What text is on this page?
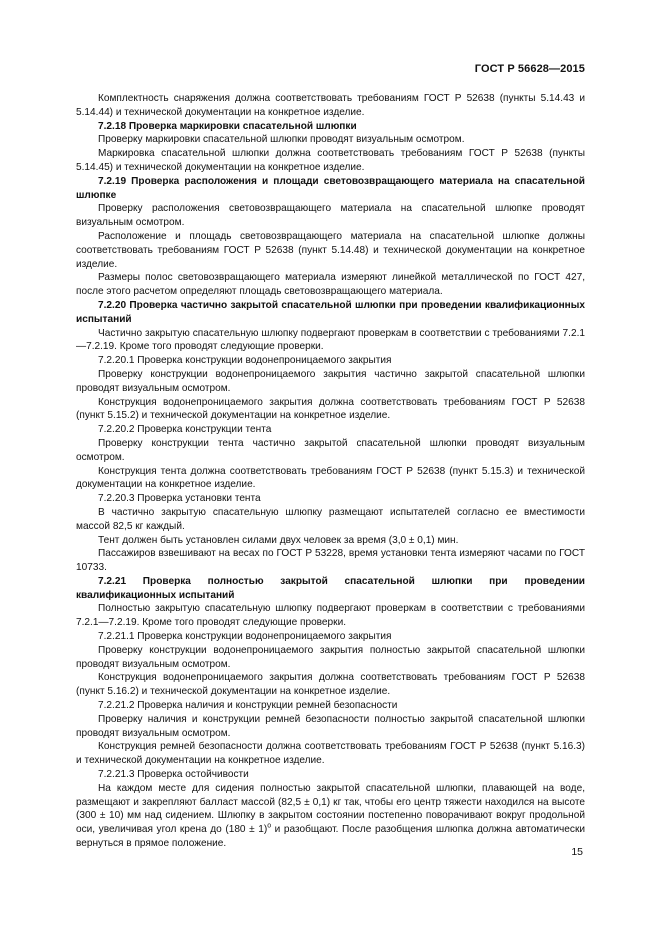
ГОСТ Р 56628—2015

Комплектность снаряжения должна соответствовать требованиям ГОСТ Р 52638 (пункты 5.14.43 и 5.14.44) и технической документации на конкретное изделие.

7.2.18 Проверка маркировки спасательной шлюпки

Проверку маркировки спасательной шлюпки проводят визуальным осмотром.

Маркировка спасательной шлюпки должна соответствовать требованиям ГОСТ Р 52638 (пункты 5.14.45) и технической документации на конкретное изделие.

7.2.19 Проверка расположения и площади световозвращающего материала на спасательной шлюпке

Проверку расположения световозвращающего материала на спасательной шлюпке проводят визуальным осмотром.

Расположение и площадь световозвращающего материала на спасательной шлюпке должны соответствовать требованиям ГОСТ Р 52638 (пункт 5.14.48) и технической документации на конкретное изделие.

Размеры полос световозвращающего материала измеряют линейкой металлической по ГОСТ 427, после этого расчетом определяют площадь световозвращающего материала.

7.2.20 Проверка частично закрытой спасательной шлюпки при проведении квалификационных испытаний

Частично закрытую спасательную шлюпку подвергают проверкам в соответствии с требованиями 7.2.1—7.2.19. Кроме того проводят следующие проверки.

7.2.20.1 Проверка конструкции водонепроницаемого закрытия

Проверку конструкции водонепроницаемого закрытия частично закрытой спасательной шлюпки проводят визуальным осмотром.

Конструкция водонепроницаемого закрытия должна соответствовать требованиям ГОСТ Р 52638 (пункт 5.15.2) и технической документации на конкретное изделие.

7.2.20.2 Проверка конструкции тента

Проверку конструкции тента частично закрытой спасательной шлюпки проводят визуальным осмотром.

Конструкция тента должна соответствовать требованиям ГОСТ Р 52638 (пункт 5.15.3) и технической документации на конкретное изделие.

7.2.20.3 Проверка установки тента

В частично закрытую спасательную шлюпку размещают испытателей согласно ее вместимости массой 82,5 кг каждый.

Тент должен быть установлен силами двух человек за время (3,0 ± 0,1) мин.

Пассажиров взвешивают на весах по ГОСТ Р 53228, время установки тента измеряют часами по ГОСТ 10733.

7.2.21 Проверка полностью закрытой спасательной шлюпки при проведении квалификационных испытаний

Полностью закрытую спасательную шлюпку подвергают проверкам в соответствии с требованиями 7.2.1—7.2.19. Кроме того проводят следующие проверки.

7.2.21.1 Проверка конструкции водонепроницаемого закрытия

Проверку конструкции водонепроницаемого закрытия полностью закрытой спасательной шлюпки проводят визуальным осмотром.

Конструкция водонепроницаемого закрытия должна соответствовать требованиям ГОСТ Р 52638 (пункт 5.16.2) и технической документации на конкретное изделие.

7.2.21.2 Проверка наличия и конструкции ремней безопасности

Проверку наличия и конструкции ремней безопасности полностью закрытой спасательной шлюпки проводят визуальным осмотром.

Конструкция ремней безопасности должна соответствовать требованиям ГОСТ Р 52638 (пункт 5.16.3) и технической документации на конкретное изделие.

7.2.21.3 Проверка остойчивости

На каждом месте для сидения полностью закрытой спасательной шлюпки, плавающей на воде, размещают и закрепляют балласт массой (82,5 ± 0,1) кг так, чтобы его центр тяжести находился на высоте (300 ± 10) мм над сидением. Шлюпку в закрытом состоянии постепенно поворачивают вокруг продольной оси, увеличивая угол крена до $(180 \pm 1)^о$ и разобщают. После разобщения шлюпка должна автоматически вернуться в прямое положение.

15
